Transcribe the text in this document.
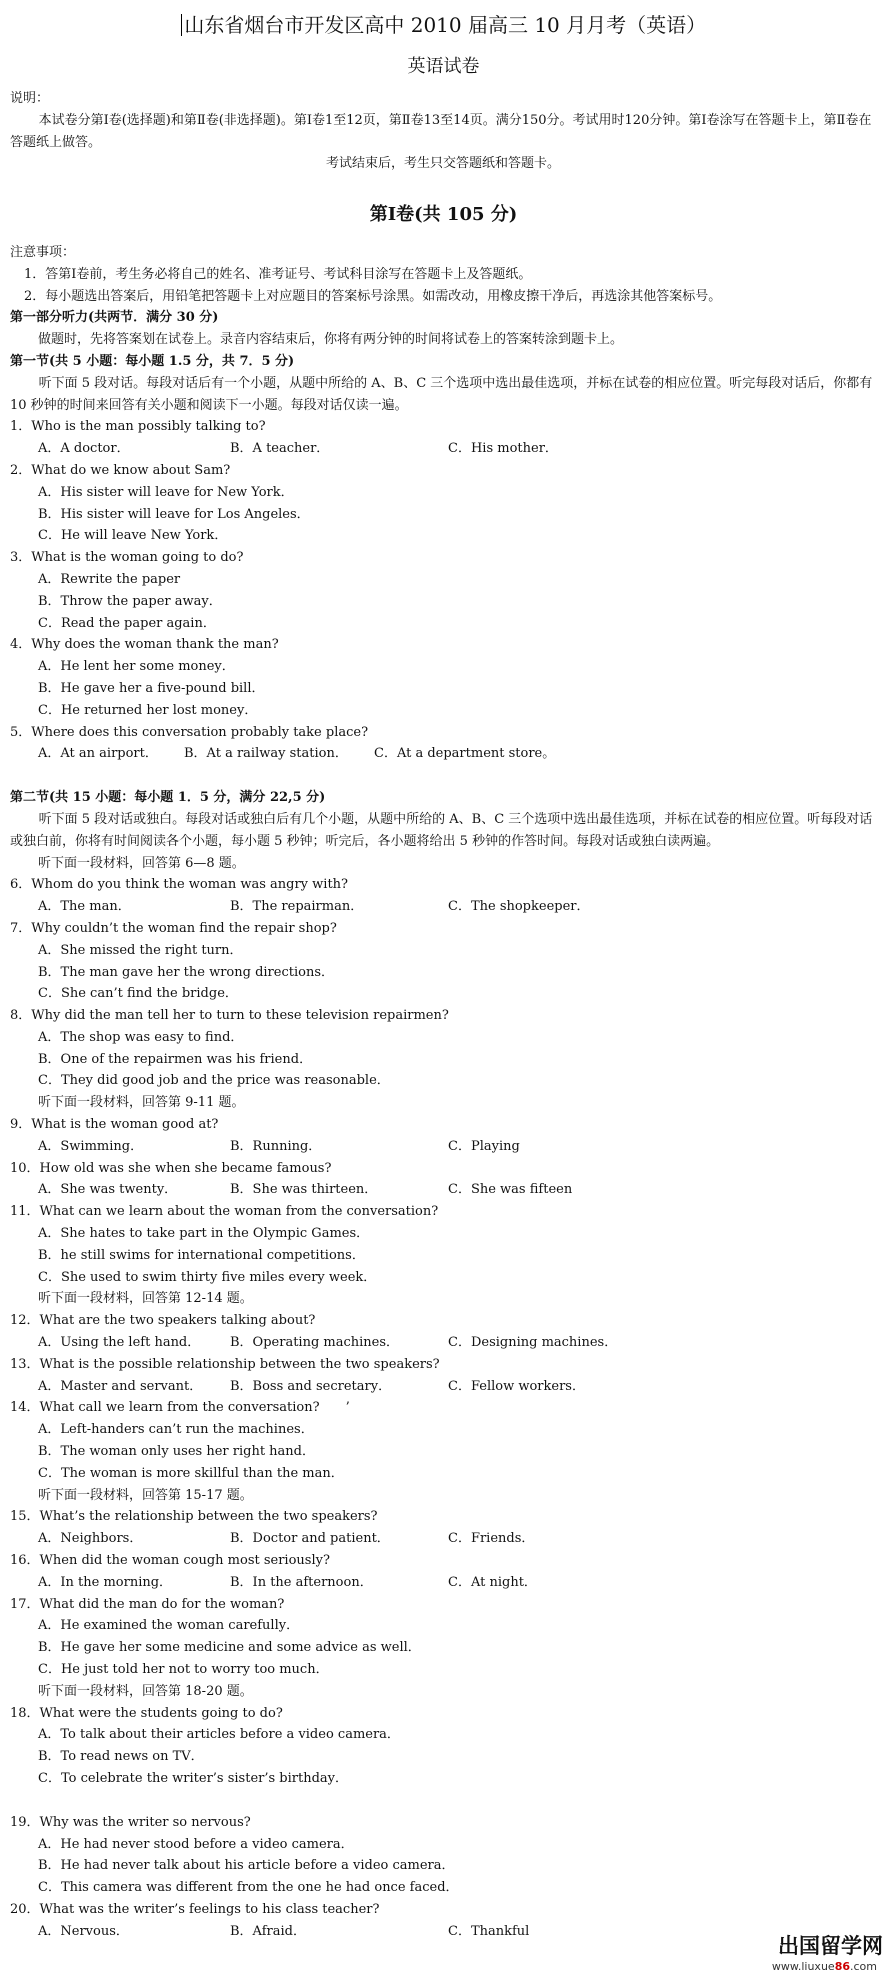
山东省烟台市开发区高中 2010 届高三 10 月月考（英语）
英语试卷

说明：

本试卷分第Ⅰ卷(选择题)和第Ⅱ卷(非选择题)。第Ⅰ卷1至12页，第Ⅱ卷13至14页。满分150分。考试用时120分钟。第Ⅰ卷涂写在答题卡上，第Ⅱ卷在答题纸上做答。

考试结束后，考生只交答题纸和答题卡。

第Ⅰ卷(共 105 分)

注意事项：

1．答第Ⅰ卷前，考生务必将自己的姓名、准考证号、考试科目涂写在答题卡上及答题纸。

2．每小题选出答案后，用铅笔把答题卡上对应题目的答案标号涂黑。如需改动，用橡皮擦干净后，再选涂其他答案标号。

第一部分听力(共两节．满分 30 分)

做题时，先将答案划在试卷上。录音内容结束后，你将有两分钟的时间将试卷上的答案转涂到题卡上。

第一节(共 5 小题：每小题 1.5 分，共 7．5 分)

听下面 5 段对话。每段对话后有一个小题，从题中所给的 A、B、C 三个选项中选出最佳选项，并标在试卷的相应位置。听完每段对话后，你都有 10 秒钟的时间来回答有关小题和阅读下一小题。每段对话仅读一遍。

1．Who is the man possibly talking to?

A．A doctor．	B．A teacher．	C．His mother．

2．What do we know about Sam?

A．His sister will leave for New York．

B．His sister will leave for Los Angeles．

C．He will leave New York．

3．What is the woman going to do?

A．Rewrite the paper

B．Throw the paper away．

C．Read the paper again．

4．Why does the woman thank the man?

A．He lent her some money．

B．He gave her a five-pound bill．

C．He returned her lost money．

5．Where does this conversation probably take place?

A．At an airport．	B．At a railway station．	C．At a department store。

第二节(共 15 小题：每小题 1．5 分，满分 22,5 分)

听下面 5 段对话或独白。每段对话或独白后有几个小题，从题中所给的 A、B、C 三个选项中选出最佳选项，并标在试卷的相应位置。听每段对话或独白前，你将有时间阅读各个小题，每小题 5 秒钟；听完后，各小题将给出 5 秒钟的作答时间。每段对话或独白读两遍。

听下面一段材料，回答第 6—8 题。

6．Whom do you think the woman was angry with?

A．The man．	B．The repairman．	C．The shopkeeper．

7．Why couldn’t the woman find the repair shop?

A．She missed the right turn．

B．The man gave her the wrong directions．

C．She can’t find the bridge．

8．Why did the man tell her to turn to these television repairmen?

A．The shop was easy to find．

B．One of the repairmen was his friend．

C．They did good job and the price was reasonable．

听下面一段材料，回答第 9-11 题。

9．What is the woman good at?

A．Swimming．	B．Running．	C．Playing

10．How old was she when she became famous?

A．She was twenty．	B．She was thirteen．	C．She was fifteen

11．What can we learn about the woman from the conversation?

A．She hates to take part in the Olympic Games．

B．he still swims for international competitions．

C．She used to swim thirty five miles every week．

听下面一段材料，回答第 12-14 题。

12．What are the two speakers talking about?

A．Using the left hand．	B．Operating machines．	C．Designing machines．

13．What is the possible relationship between the two speakers?

A．Master and servant．	B．Boss and secretary．	C．Fellow workers．

14．What call we learn from the conversation? ’

A．Left-handers can’t run the machines．

B．The woman only uses her right hand．

C．The woman is more skillful than the man．

听下面一段材料，回答第 15-17 题。

15．What’s the relationship between the two speakers?

A．Neighbors．	B．Doctor and patient．	C．Friends．

16．When did the woman cough most seriously?

A．In the morning．	B．In the afternoon．	C．At night．

17．What did the man do for the woman?

A．He examined the woman carefully．

B．He gave her some medicine and some advice as well．

C．He just told her not to worry too much．

听下面一段材料，回答第 18-20 题。

18．What were the students going to do?

A．To talk about their articles before a video camera．

B．To read news on TV．

C．To celebrate the writer’s sister’s birthday．

19．Why was the writer so nervous?

A．He had never stood before a video camera．

B．He had never talk about his article before a video camera．

C．This camera was different from the one he had once faced．

20．What was the writer’s feelings to his class teacher?

A．Nervous．	B．Afraid．	C．Thankful
出国留学网
www.liuxue86.com
